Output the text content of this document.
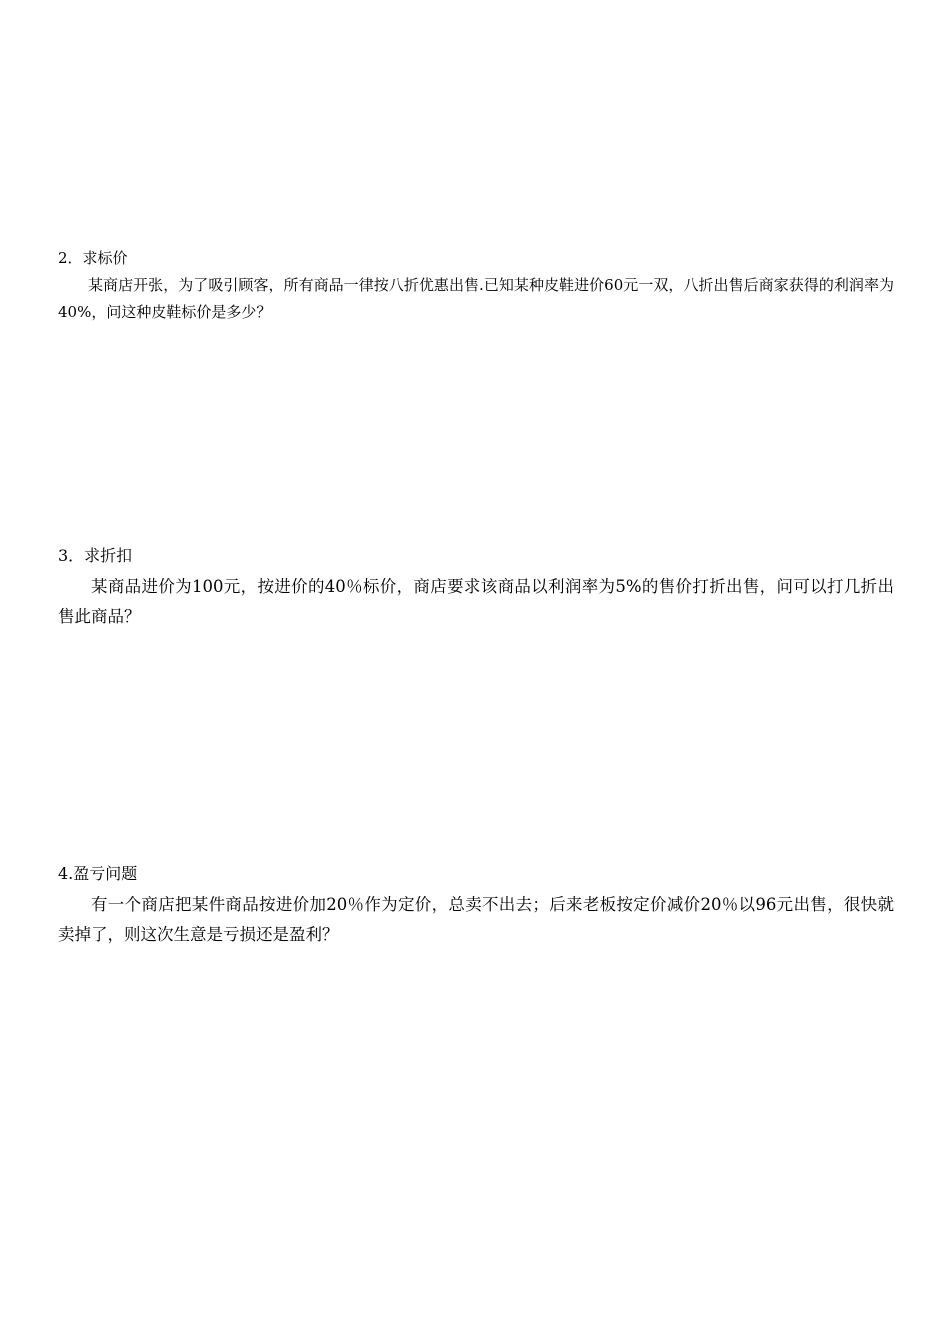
2．求标价

某商店开张，为了吸引顾客，所有商品一律按八折优惠出售.已知某种皮鞋进价60元一双，八折出售后商家获得的利润率为40%，问这种皮鞋标价是多少？

3．求折扣

某商品进价为100元，按进价的40％标价，商店要求该商品以利润率为5%的售价打折出售，问可以打几折出售此商品？

4.盈亏问题

有一个商店把某件商品按进价加20％作为定价，总卖不出去；后来老板按定价减价20％以96元出售，很快就卖掉了，则这次生意是亏损还是盈利？
